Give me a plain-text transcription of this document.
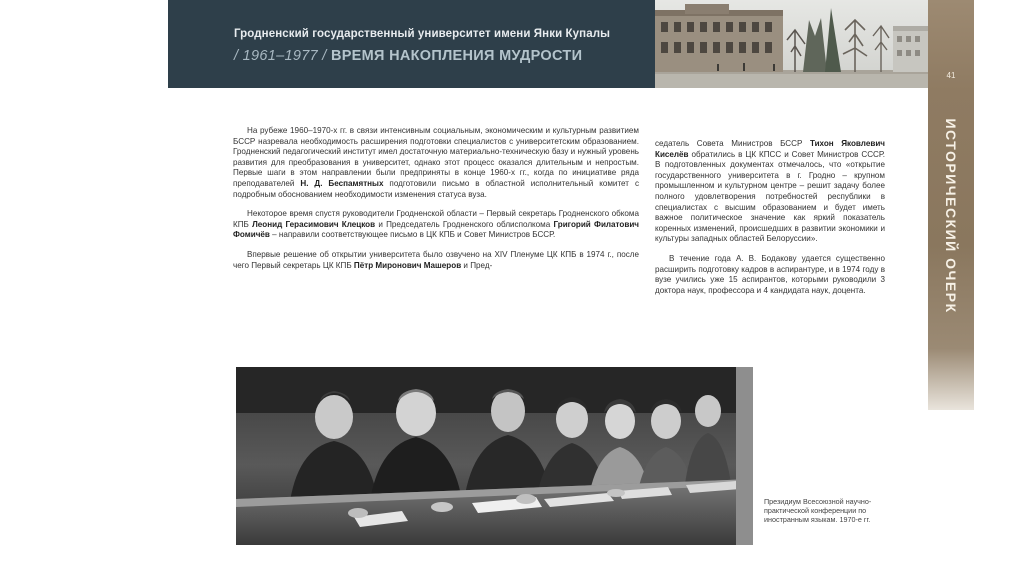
Гродненский государственный университет имени Янки Купалы
/ 1961–1977 / ВРЕМЯ НАКОПЛЕНИЯ МУДРОСТИ
41
ИСТОРИЧЕСКИЙ ОЧЕРК

На рубеже 1960–1970-х гг. в связи интенсивным социальным, экономическим и культурным развитием БССР назревала необходимость расширения подготовки специалистов с университетским образованием. Гродненский педагогический институт имел достаточную материально-техническую базу и нужный уровень развития для преобразования в университет, однако этот процесс оказался длительным и непростым. Первые шаги в этом направлении были предприняты в конце 1960-х гг., когда по инициативе ряда преподавателей Н. Д. Беспамятных подготовили письмо в областной исполнительный комитет с подробным обоснованием необходимости изменения статуса вуза.

Некоторое время спустя руководители Гродненской области – Первый секретарь Гродненского обкома КПБ Леонид Герасимович Клецков и Председатель Гродненского облисполкома Григорий Филатович Фомичёв – направили соответствующее письмо в ЦК КПБ и Совет Министров БССР.

Впервые решение об открытии университета было озвучено на XIV Пленуме ЦК КПБ в 1974 г., после чего Первый секретарь ЦК КПБ Пётр Миронович Машеров и Пред-

седатель Совета Министров БССР Тихон Яковлевич Киселёв обратились в ЦК КПСС и Совет Министров СССР. В подготовленных документах отмечалось, что «открытие государственного университета в г. Гродно – крупном промышленном и культурном центре – решит задачу более полного удовлетворения потребностей республики в специалистах с высшим образованием и будет иметь важное политическое значение как яркий показатель коренных изменений, происшедших в развитии экономики и культуры западных областей Белоруссии».

В течение года А. В. Бодакову удается существенно расширить подготовку кадров в аспирантуре, и в 1974 году в вузе учились уже 15 аспирантов, которыми руководили 3 доктора наук, профессора и 4 кандидата наук, доцента.

Президиум Всесоюзной научно-практической конференции по иностранным языкам. 1970-е гг.
